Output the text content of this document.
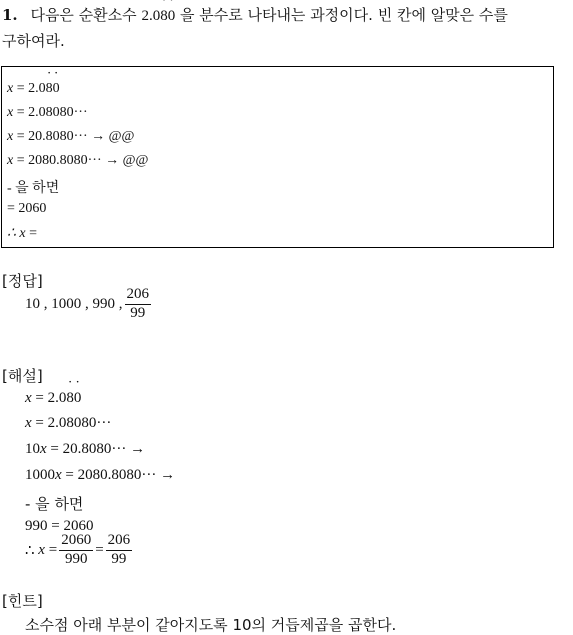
1. 다음은 순환소수 2.0˙ 8˙ 0 을 분수로 나타내는 과정이다. 빈 칸에 알맞은 수를
구하여라.
x = 2.0˙ 8˙ 0
x = 2.08080···
x = 20.8080··· → @@
x = 2080.8080··· → @@
- 을 하면
= 2060
∴ x =
[정답]
10 , 1000 , 990 , $\frac{206}{99}$
[해설]
x = 2.0˙ 8˙ 0
x = 2.08080···
10x = 20.8080··· →
1000x = 2080.8080··· →
- 을 하면
990 = 2060
∴
$x = \frac{2060}{990} = \frac{206}{99}$
[힌트]
소수점 아래 부분이 같아지도록 10의 거듭제곱을 곱한다.
